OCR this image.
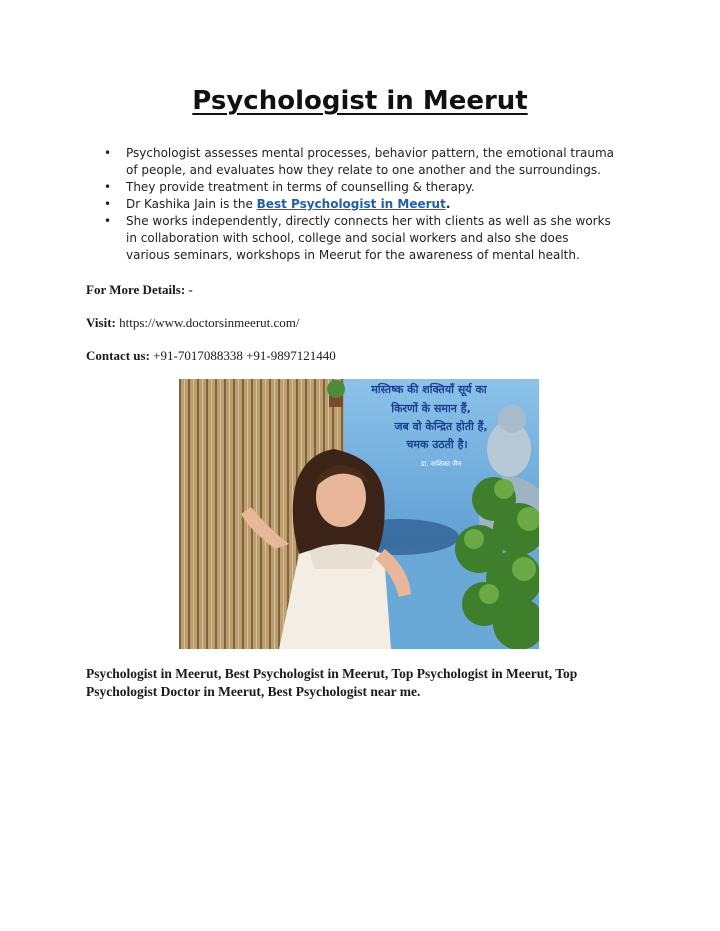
Psychologist in Meerut
• Psychologist assesses mental processes, behavior pattern, the emotional trauma of people, and evaluates how they relate to one another and the surroundings.
• They provide treatment in terms of counselling & therapy.
• Dr Kashika Jain is the Best Psychologist in Meerut.
• She works independently, directly connects her with clients as well as she works in collaboration with school, college and social workers and also she does various seminars, workshops in Meerut for the awareness of mental health.
For More Details: -
Visit: https://www.doctorsinmeerut.com/
Contact us: +91-7017088338 +91-9897121440
मस्तिष्क की शक्तियाँ सूर्य का
किरणों के समान हैं,
जब वो केन्द्रित होती हैं,
चमक उठती है।
डा. कशिका जैन
Psychologist in Meerut, Best Psychologist in Meerut, Top Psychologist in Meerut, Top Psychologist Doctor in Meerut, Best Psychologist near me.
